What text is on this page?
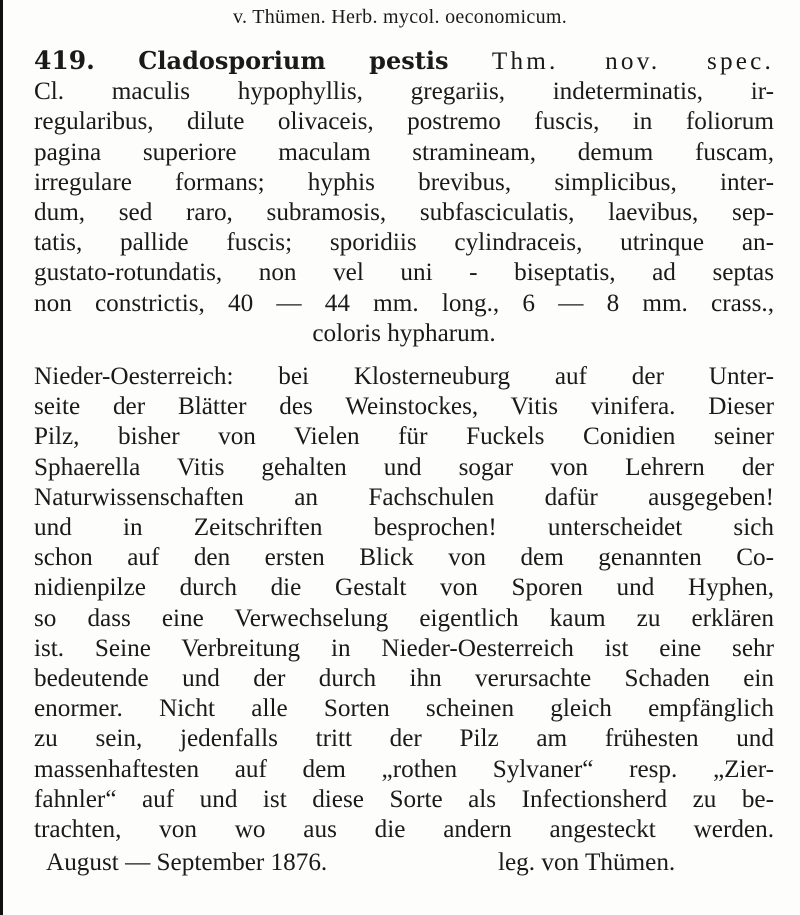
v. Thümen. Herb. mycol. oeconomicum.
419. Cladosporium pestis Thm. nov. spec.
Cl. maculis hypophyllis, gregariis, indeterminatis, ir-
regularibus, dilute olivaceis, postremo fuscis, in foliorum
pagina superiore maculam stramineam, demum fuscam,
irregulare formans; hyphis brevibus, simplicibus, inter-
dum, sed raro, subramosis, subfasciculatis, laevibus, sep-
tatis, pallide fuscis; sporidiis cylindraceis, utrinque an-
gustato-rotundatis, non vel uni - biseptatis, ad septas
non constrictis, 40 — 44 mm. long., 6 — 8 mm. crass.,
coloris hypharum.
Nieder-Oesterreich: bei Klosterneuburg auf der Unter-
seite der Blätter des Weinstockes, Vitis vinifera. Dieser
Pilz, bisher von Vielen für Fuckels Conidien seiner
Sphaerella Vitis gehalten und sogar von Lehrern der
Naturwissenschaften an Fachschulen dafür ausgegeben!
und in Zeitschriften besprochen! unterscheidet sich
schon auf den ersten Blick von dem genannten Co-
nidienpilze durch die Gestalt von Sporen und Hyphen,
so dass eine Verwechselung eigentlich kaum zu erklären
ist. Seine Verbreitung in Nieder-Oesterreich ist eine sehr
bedeutende und der durch ihn verursachte Schaden ein
enormer. Nicht alle Sorten scheinen gleich empfänglich
zu sein, jedenfalls tritt der Pilz am frühesten und
massenhaftesten auf dem „rothen Sylvaner“ resp. „Zier-
fahnler“ auf und ist diese Sorte als Infectionsherd zu be-
trachten, von wo aus die andern angesteckt werden.
August — September 1876.	leg. von Thümen.
